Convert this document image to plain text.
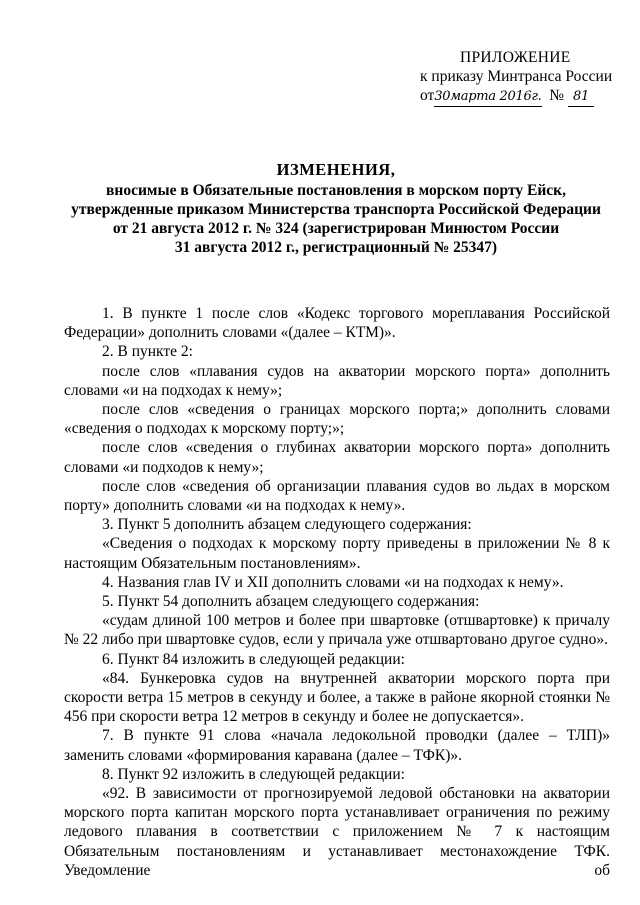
ПРИЛОЖЕНИЕ
к приказу Минтранса России
от30марта 2016г. № 81
ИЗМЕНЕНИЯ,
вносимые в Обязательные постановления в морском порту Ейск,
утвержденные приказом Министерства транспорта Российской Федерации
от 21 августа 2012 г. № 324 (зарегистрирован Минюстом России
31 августа 2012 г., регистрационный № 25347)

1. В пункте 1 после слов «Кодекс торгового мореплавания Российской Федерации» дополнить словами «(далее – КТМ)».

2. В пункте 2:

после слов «плавания судов на акватории морского порта» дополнить словами «и на подходах к нему»;

после слов «сведения о границах морского порта;» дополнить словами «сведения о подходах к морскому порту;»;

после слов «сведения о глубинах акватории морского порта» дополнить словами «и подходов к нему»;

после слов «сведения об организации плавания судов во льдах в морском порту» дополнить словами «и на подходах к нему».

3. Пункт 5 дополнить абзацем следующего содержания:

«Сведения о подходах к морскому порту приведены в приложении № 8 к настоящим Обязательным постановлениям».

4. Названия глав IV и XII дополнить словами «и на подходах к нему».

5. Пункт 54 дополнить абзацем следующего содержания:

«судам длиной 100 метров и более при швартовке (отшвартовке) к причалу № 22 либо при швартовке судов, если у причала уже отшвартовано другое судно».

6. Пункт 84 изложить в следующей редакции:

«84. Бункеровка судов на внутренней акватории морского порта при скорости ветра 15 метров в секунду и более, а также в районе якорной стоянки № 456 при скорости ветра 12 метров в секунду и более не допускается».

7. В пункте 91 слова «начала ледокольной проводки (далее – ТЛП)» заменить словами «формирования каравана (далее – ТФК)».

8. Пункт 92 изложить в следующей редакции:

«92. В зависимости от прогнозируемой ледовой обстановки на акватории морского порта капитан морского порта устанавливает ограничения по режиму ледового плавания в соответствии с приложением № 7 к настоящим Обязательным постановлениям и устанавливает местонахождение ТФК. Уведомление об
